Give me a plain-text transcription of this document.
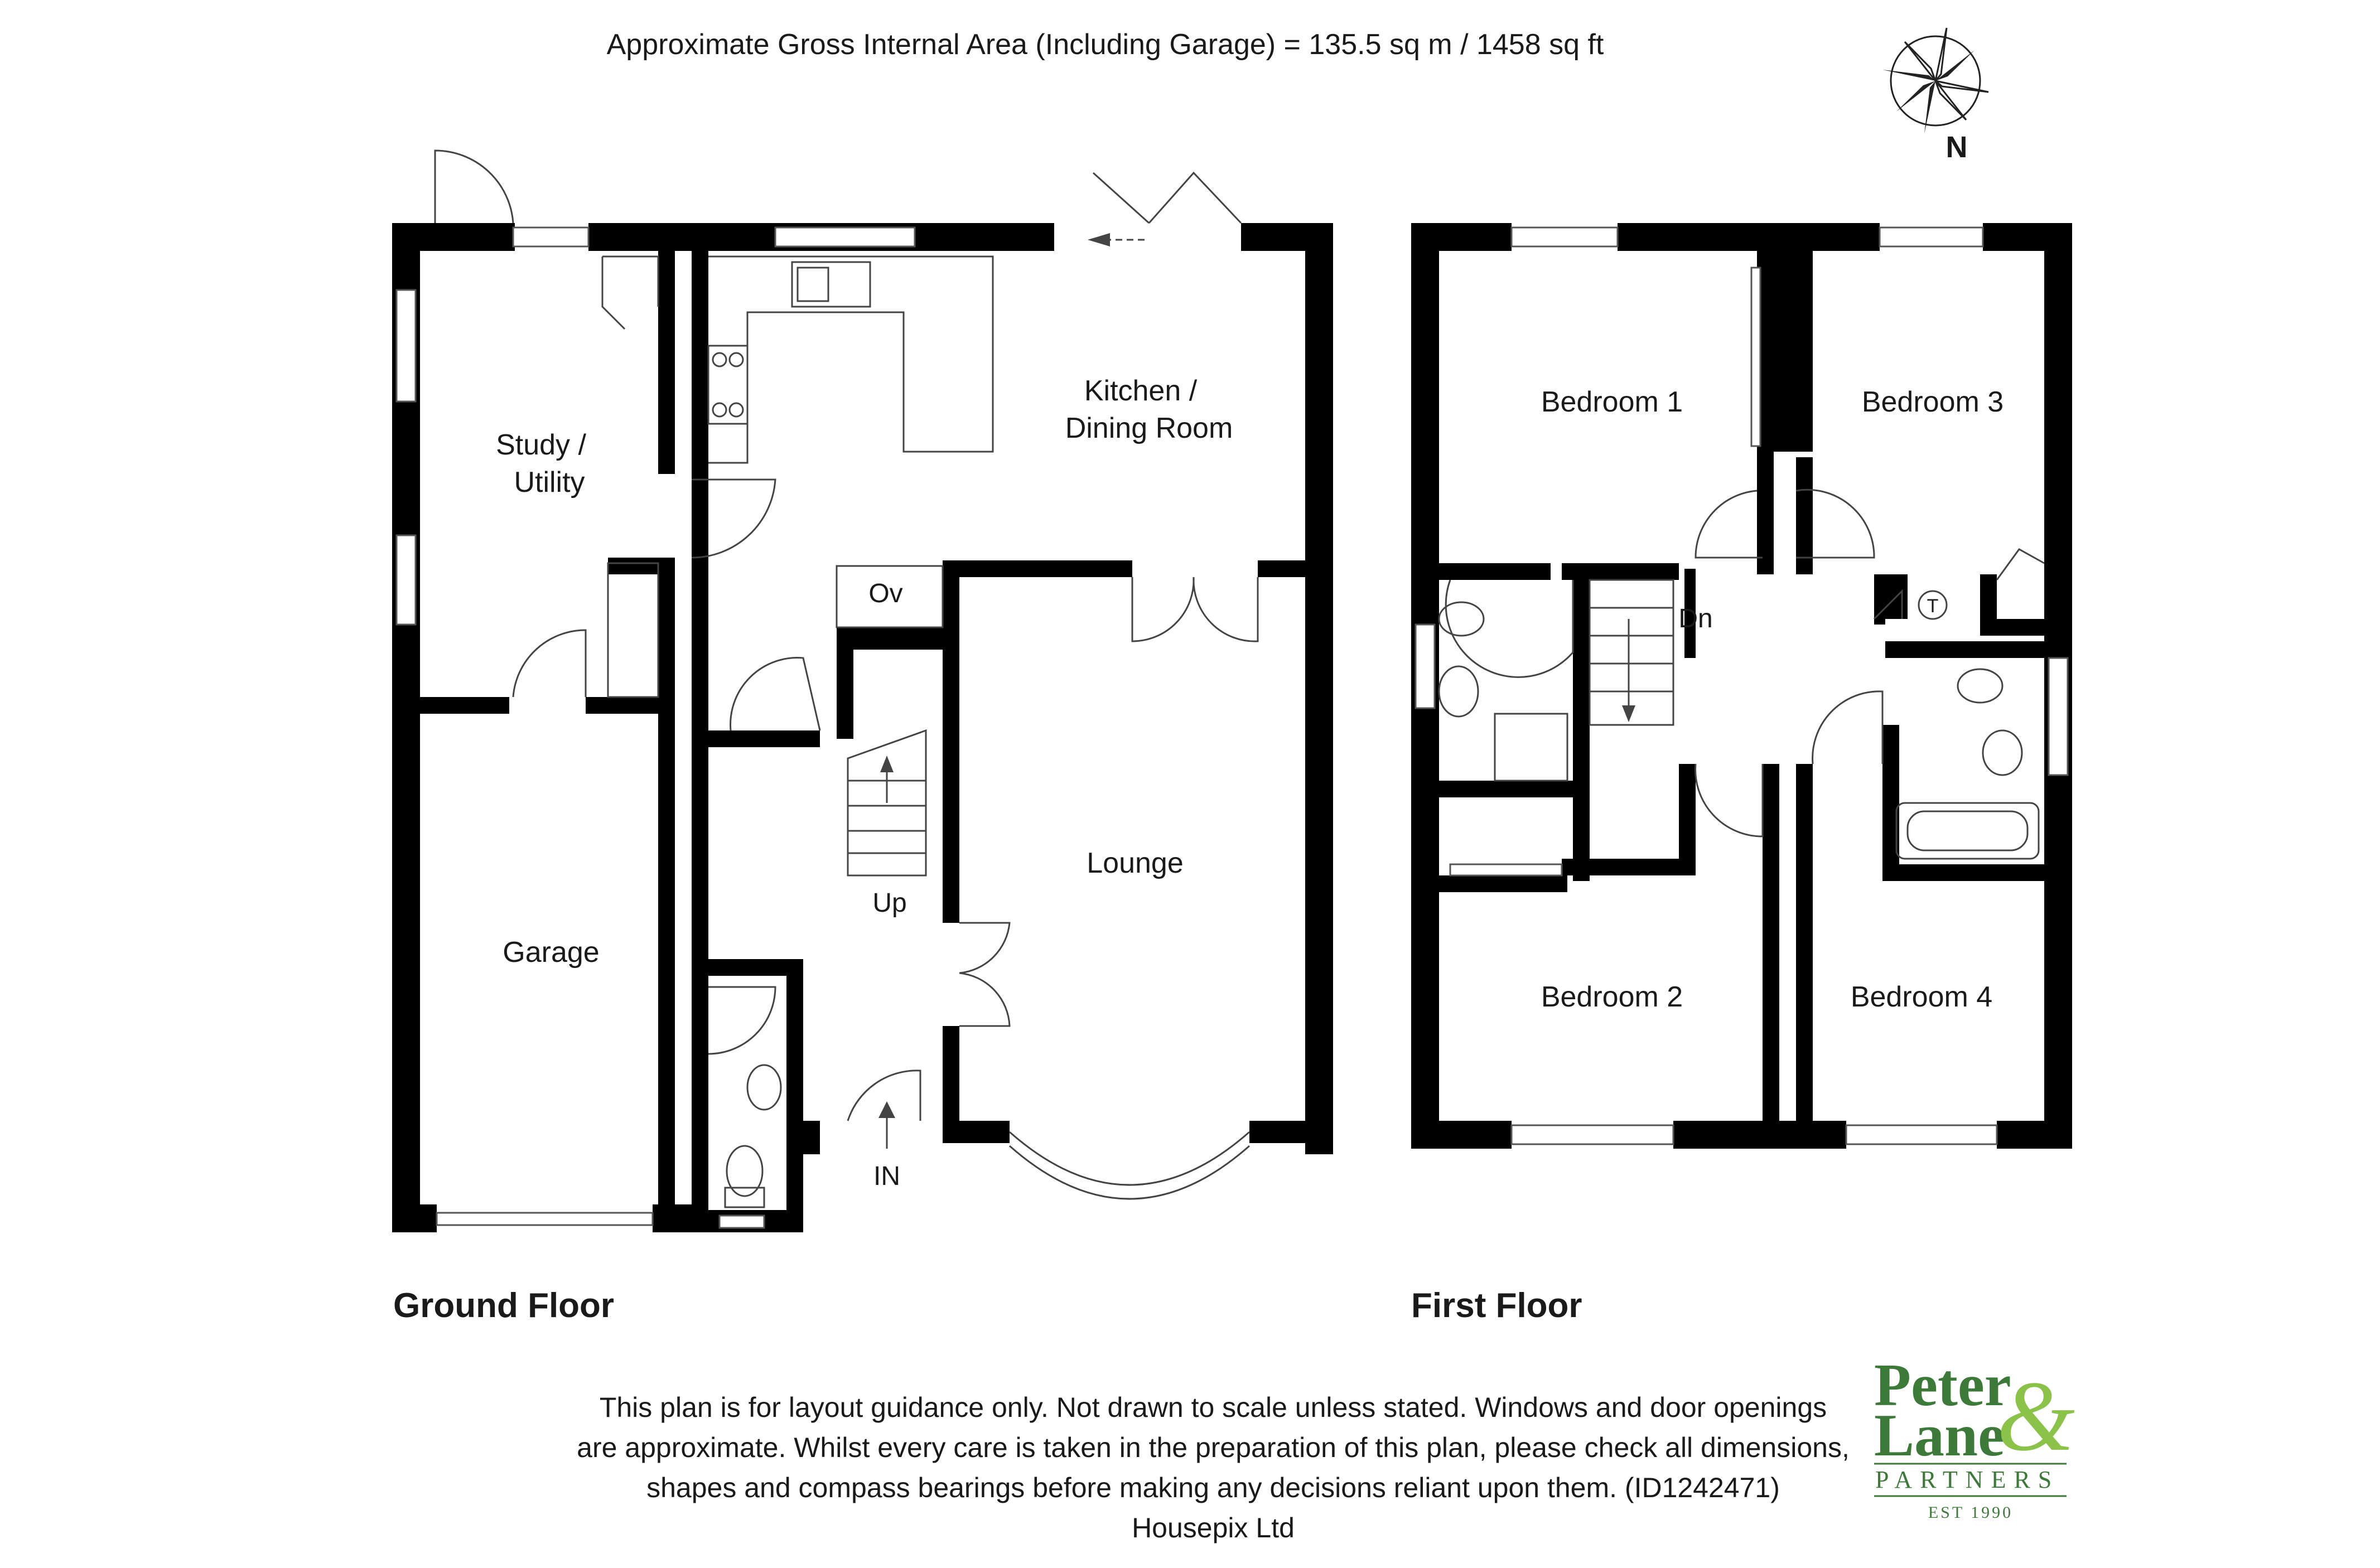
Approximate Gross Internal Area (Including Garage) = 135.5 sq m / 1458 sq ft
N
Study /
Utility
Kitchen /
Dining Room
Ov
Lounge
Garage
Up
IN
Ground Floor
Bedroom 1	Bedroom 3
Bedroom 2	Bedroom 4
Dn	T
First Floor
Peter
Lane
&
PARTNERS
EST 1990
This plan is for layout guidance only. Not drawn to scale unless stated. Windows and door openings
are approximate. Whilst every care is taken in the preparation of this plan, please check all dimensions,
shapes and compass bearings before making any decisions reliant upon them. (ID1242471)
Housepix Ltd
